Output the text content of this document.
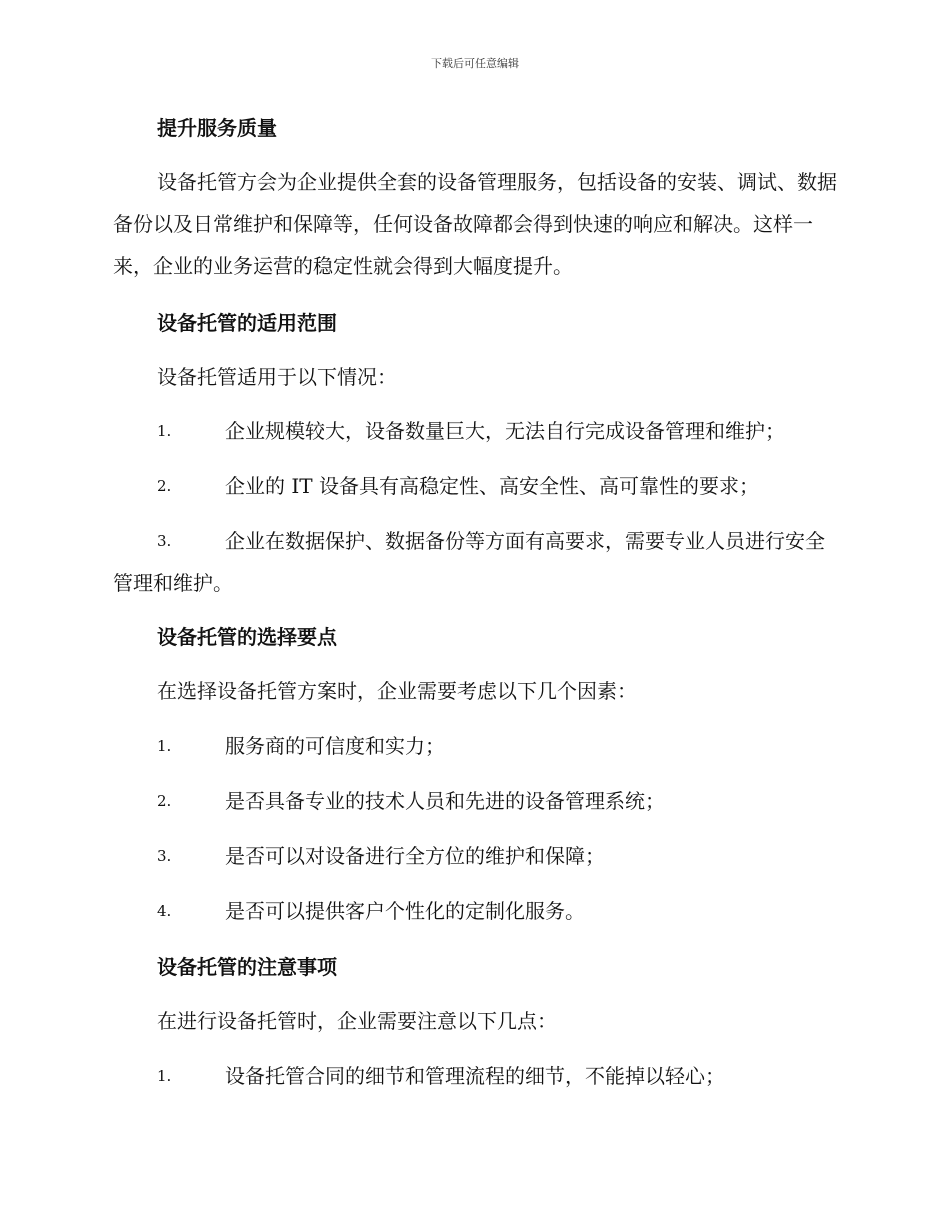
下载后可任意编辑
提升服务质量
设备托管方会为企业提供全套的设备管理服务，包括设备的安装、调试、数据备份以及日常维护和保障等，任何设备故障都会得到快速的响应和解决。这样一来，企业的业务运营的稳定性就会得到大幅度提升。
设备托管的适用范围
设备托管适用于以下情况：
1.	企业规模较大，设备数量巨大，无法自行完成设备管理和维护；
2.	企业的 IT 设备具有高稳定性、高安全性、高可靠性的要求；
3.	企业在数据保护、数据备份等方面有高要求，需要专业人员进行安全管理和维护。
设备托管的选择要点
在选择设备托管方案时，企业需要考虑以下几个因素：
1.	服务商的可信度和实力；
2.	是否具备专业的技术人员和先进的设备管理系统；
3.	是否可以对设备进行全方位的维护和保障；
4.	是否可以提供客户个性化的定制化服务。
设备托管的注意事项
在进行设备托管时，企业需要注意以下几点：
1.	设备托管合同的细节和管理流程的细节，不能掉以轻心；
